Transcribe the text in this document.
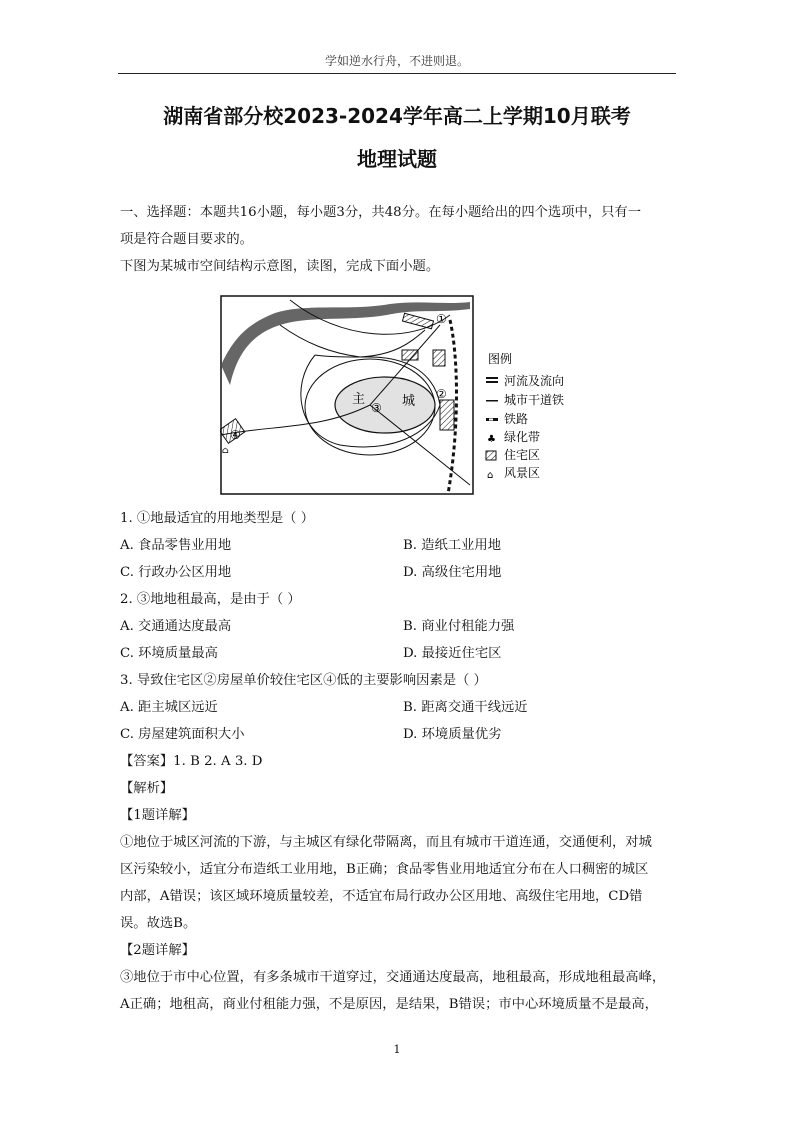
学如逆水行舟，不进则退。
湖南省部分校2023-2024学年高二上学期10月联考
地理试题

一、选择题：本题共16小题，每小题3分，共48分。在每小题给出的四个选项中，只有一

项是符合题目要求的。

下图为某城市空间结构示意图，读图，完成下面小题。

①
②
③
④
主	城
⌂
图例
河流及流向
城市干道铁
铁路
♣ 绿化带
住宅区
⌂ 风景区

1. ①地最适宜的用地类型是（ ）

A. 食品零售业用地	B. 造纸工业用地
C. 行政办公区用地	D. 高级住宅用地

2. ③地地租最高，是由于（ ）

A. 交通通达度最高	B. 商业付租能力强
C. 环境质量最高	D. 最接近住宅区

3. 导致住宅区②房屋单价较住宅区④低的主要影响因素是（ ）

A. 距主城区远近	B. 距离交通干线远近
C. 房屋建筑面积大小	D. 环境质量优劣

【答案】1. B 2. A 3. D

【解析】

【1题详解】

①地位于城区河流的下游，与主城区有绿化带隔离，而且有城市干道连通，交通便利，对城

区污染较小，适宜分布造纸工业用地，B正确；食品零售业用地适宜分布在人口稠密的城区

内部，A错误；该区域环境质量较差，不适宜布局行政办公区用地、高级住宅用地，CD错

误。故选B。

【2题详解】

③地位于市中心位置，有多条城市干道穿过，交通通达度最高，地租最高，形成地租最高峰，

A正确；地租高，商业付租能力强，不是原因，是结果，B错误；市中心环境质量不是最高，

1
